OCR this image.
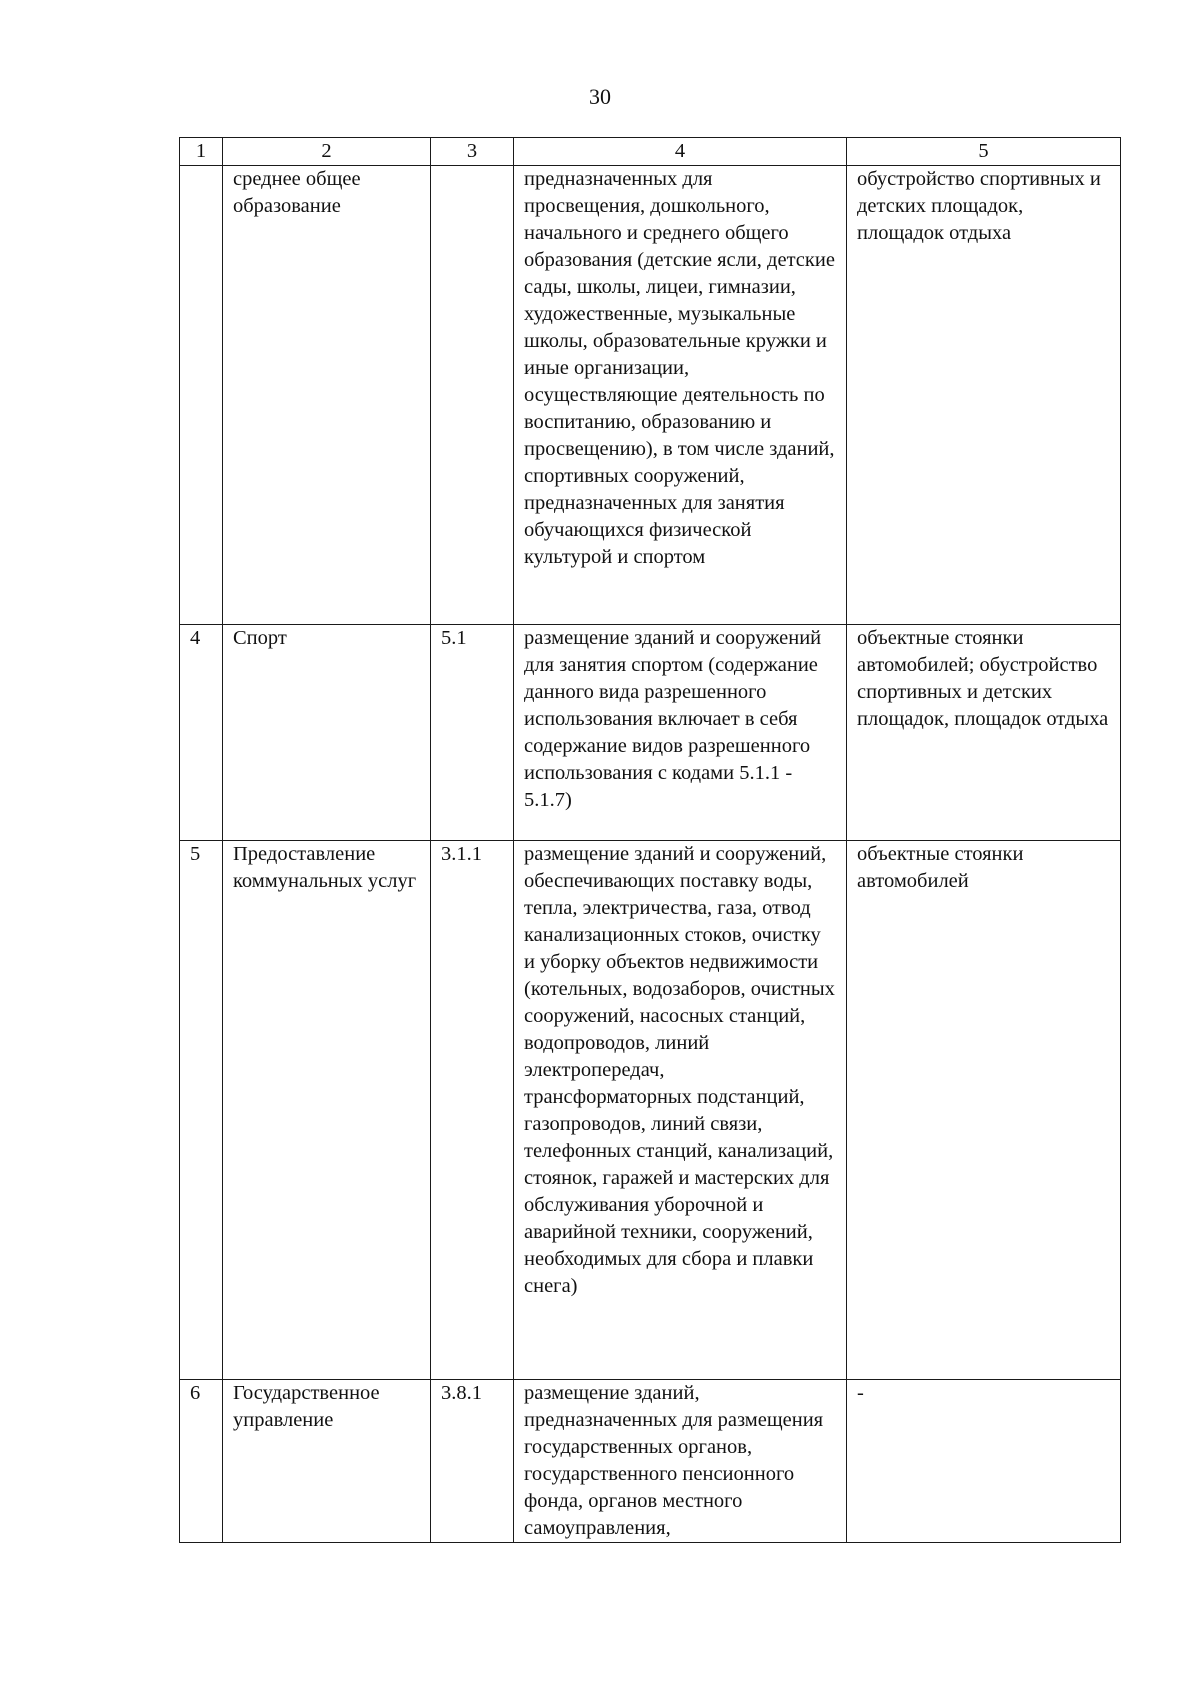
30
1	2	3	4	5
	среднее общее образование		предназначенных для просвещения, дошкольного, начального и среднего общего образования (детские ясли, детские сады, школы, лицеи, гимназии, художественные, музыкальные школы, образовательные кружки и иные организации, осуществляющие деятельность по воспитанию, образованию и просвещению), в том числе зданий, спортивных сооружений, предназначенных для занятия обучающихся физической культурой и спортом	обустройство спортивных и детских площадок, площадок отдыха
4	Спорт	5.1	размещение зданий и сооружений для занятия спортом (содержание данного вида разрешенного использования включает в себя содержание видов разрешенного использования с кодами 5.1.1 - 5.1.7)	объектные стоянки автомобилей; обустройство спортивных и детских площадок, площадок отдыха
5	Предоставление коммунальных услуг	3.1.1	размещение зданий и сооружений, обеспечивающих поставку воды, тепла, электричества, газа, отвод канализационных стоков, очистку и уборку объектов недвижимости (котельных, водозаборов, очистных сооружений, насосных станций, водопроводов, линий электропередач, трансформаторных подстанций, газопроводов, линий связи, телефонных станций, канализаций, стоянок, гаражей и мастерских для обслуживания уборочной и аварийной техники, сооружений, необходимых для сбора и плавки снега)	объектные стоянки автомобилей
6	Государственное управление	3.8.1	размещение зданий, предназначенных для размещения государственных органов, государственного пенсионного фонда, органов местного самоуправления,	-
